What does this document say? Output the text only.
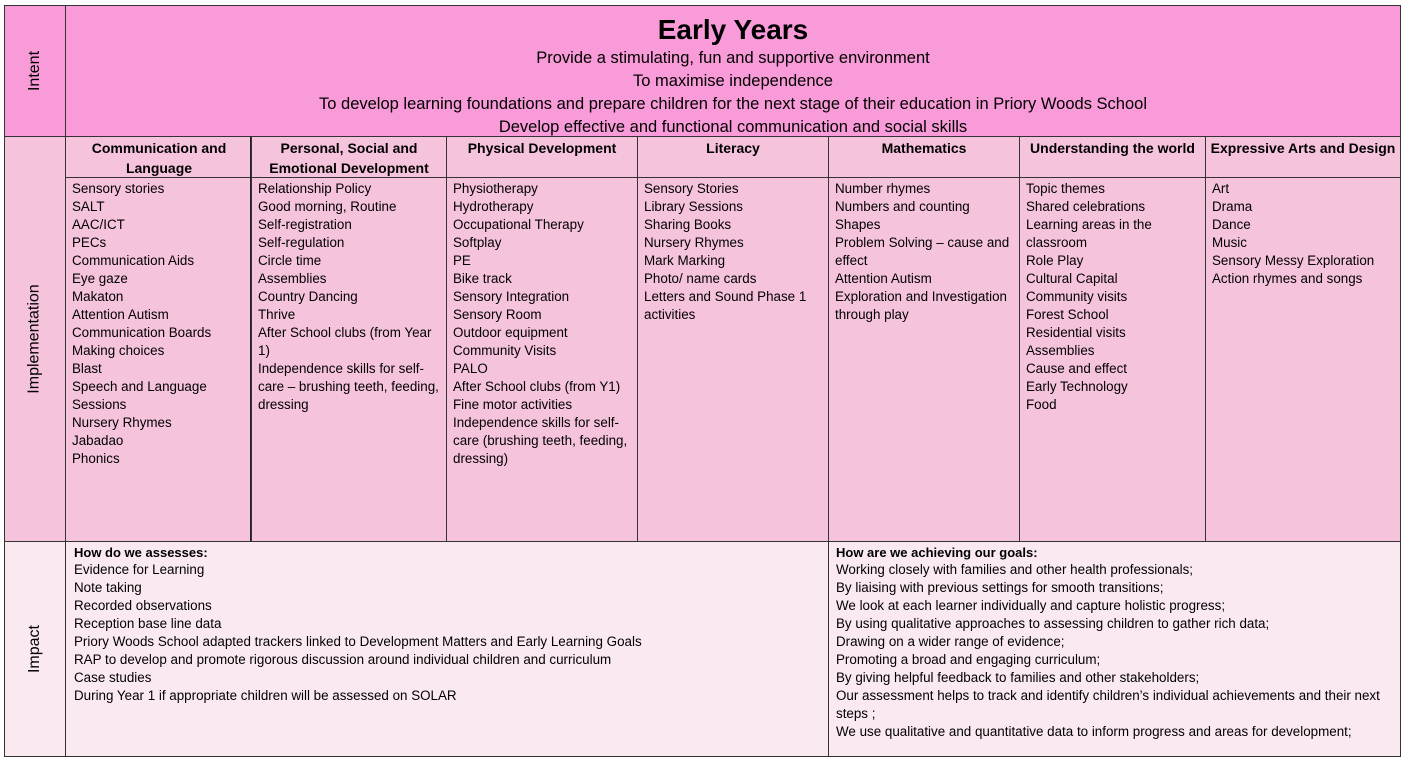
Intent
Early Years
Provide a stimulating, fun and supportive environment
To maximise independence
To develop learning foundations and prepare children for the next stage of their education in Priory Woods School
Develop effective and functional communication and social skills
Implementation
Communication and Language
Sensory stories
SALT
AAC/ICT
PECs
Communication Aids
Eye gaze
Makaton
Attention Autism
Communication Boards
Making choices
Blast
Speech and Language Sessions
Nursery Rhymes
Jabadao
Phonics
Personal, Social and Emotional Development
Relationship Policy
Good morning, Routine
Self-registration
Self-regulation
Circle time
Assemblies
Country Dancing
Thrive
After School clubs (from Year 1)
Independence skills for self-care – brushing teeth, feeding, dressing
Physical Development
Physiotherapy
Hydrotherapy
Occupational Therapy
Softplay
PE
Bike track
Sensory Integration
Sensory Room
Outdoor equipment
Community Visits
PALO
After School clubs (from Y1)
Fine motor activities
Independence skills for self-care (brushing teeth, feeding, dressing)
Literacy
Sensory Stories
Library Sessions
Sharing Books
Nursery Rhymes
Mark Marking
Photo/ name cards
Letters and Sound Phase 1 activities
Mathematics
Number rhymes
Numbers and counting
Shapes
Problem Solving – cause and effect
Attention Autism
Exploration and Investigation through play
Understanding the world
Topic themes
Shared celebrations
Learning areas in the classroom
Role Play
Cultural Capital
Community visits
Forest School
Residential visits
Assemblies
Cause and effect
Early Technology
Food
Expressive Arts and Design
Art
Drama
Dance
Music
Sensory Messy Exploration
Action rhymes and songs
Impact
How do we assesses:
Evidence for Learning
Note taking
Recorded observations
Reception base line data
Priory Woods School adapted trackers linked to Development Matters and Early Learning Goals
RAP to develop and promote rigorous discussion around individual children and curriculum
Case studies
During Year 1 if appropriate children will be assessed on SOLAR
How are we achieving our goals:
Working closely with families and other health professionals;
By liaising with previous settings for smooth transitions;
We look at each learner individually and capture holistic progress;
By using qualitative approaches to assessing children to gather rich data;
Drawing on a wider range of evidence;
Promoting a broad and engaging curriculum;
By giving helpful feedback to families and other stakeholders;
Our assessment helps to track and identify children’s individual achievements and their next steps ;
We use qualitative and quantitative data to inform progress and areas for development;
